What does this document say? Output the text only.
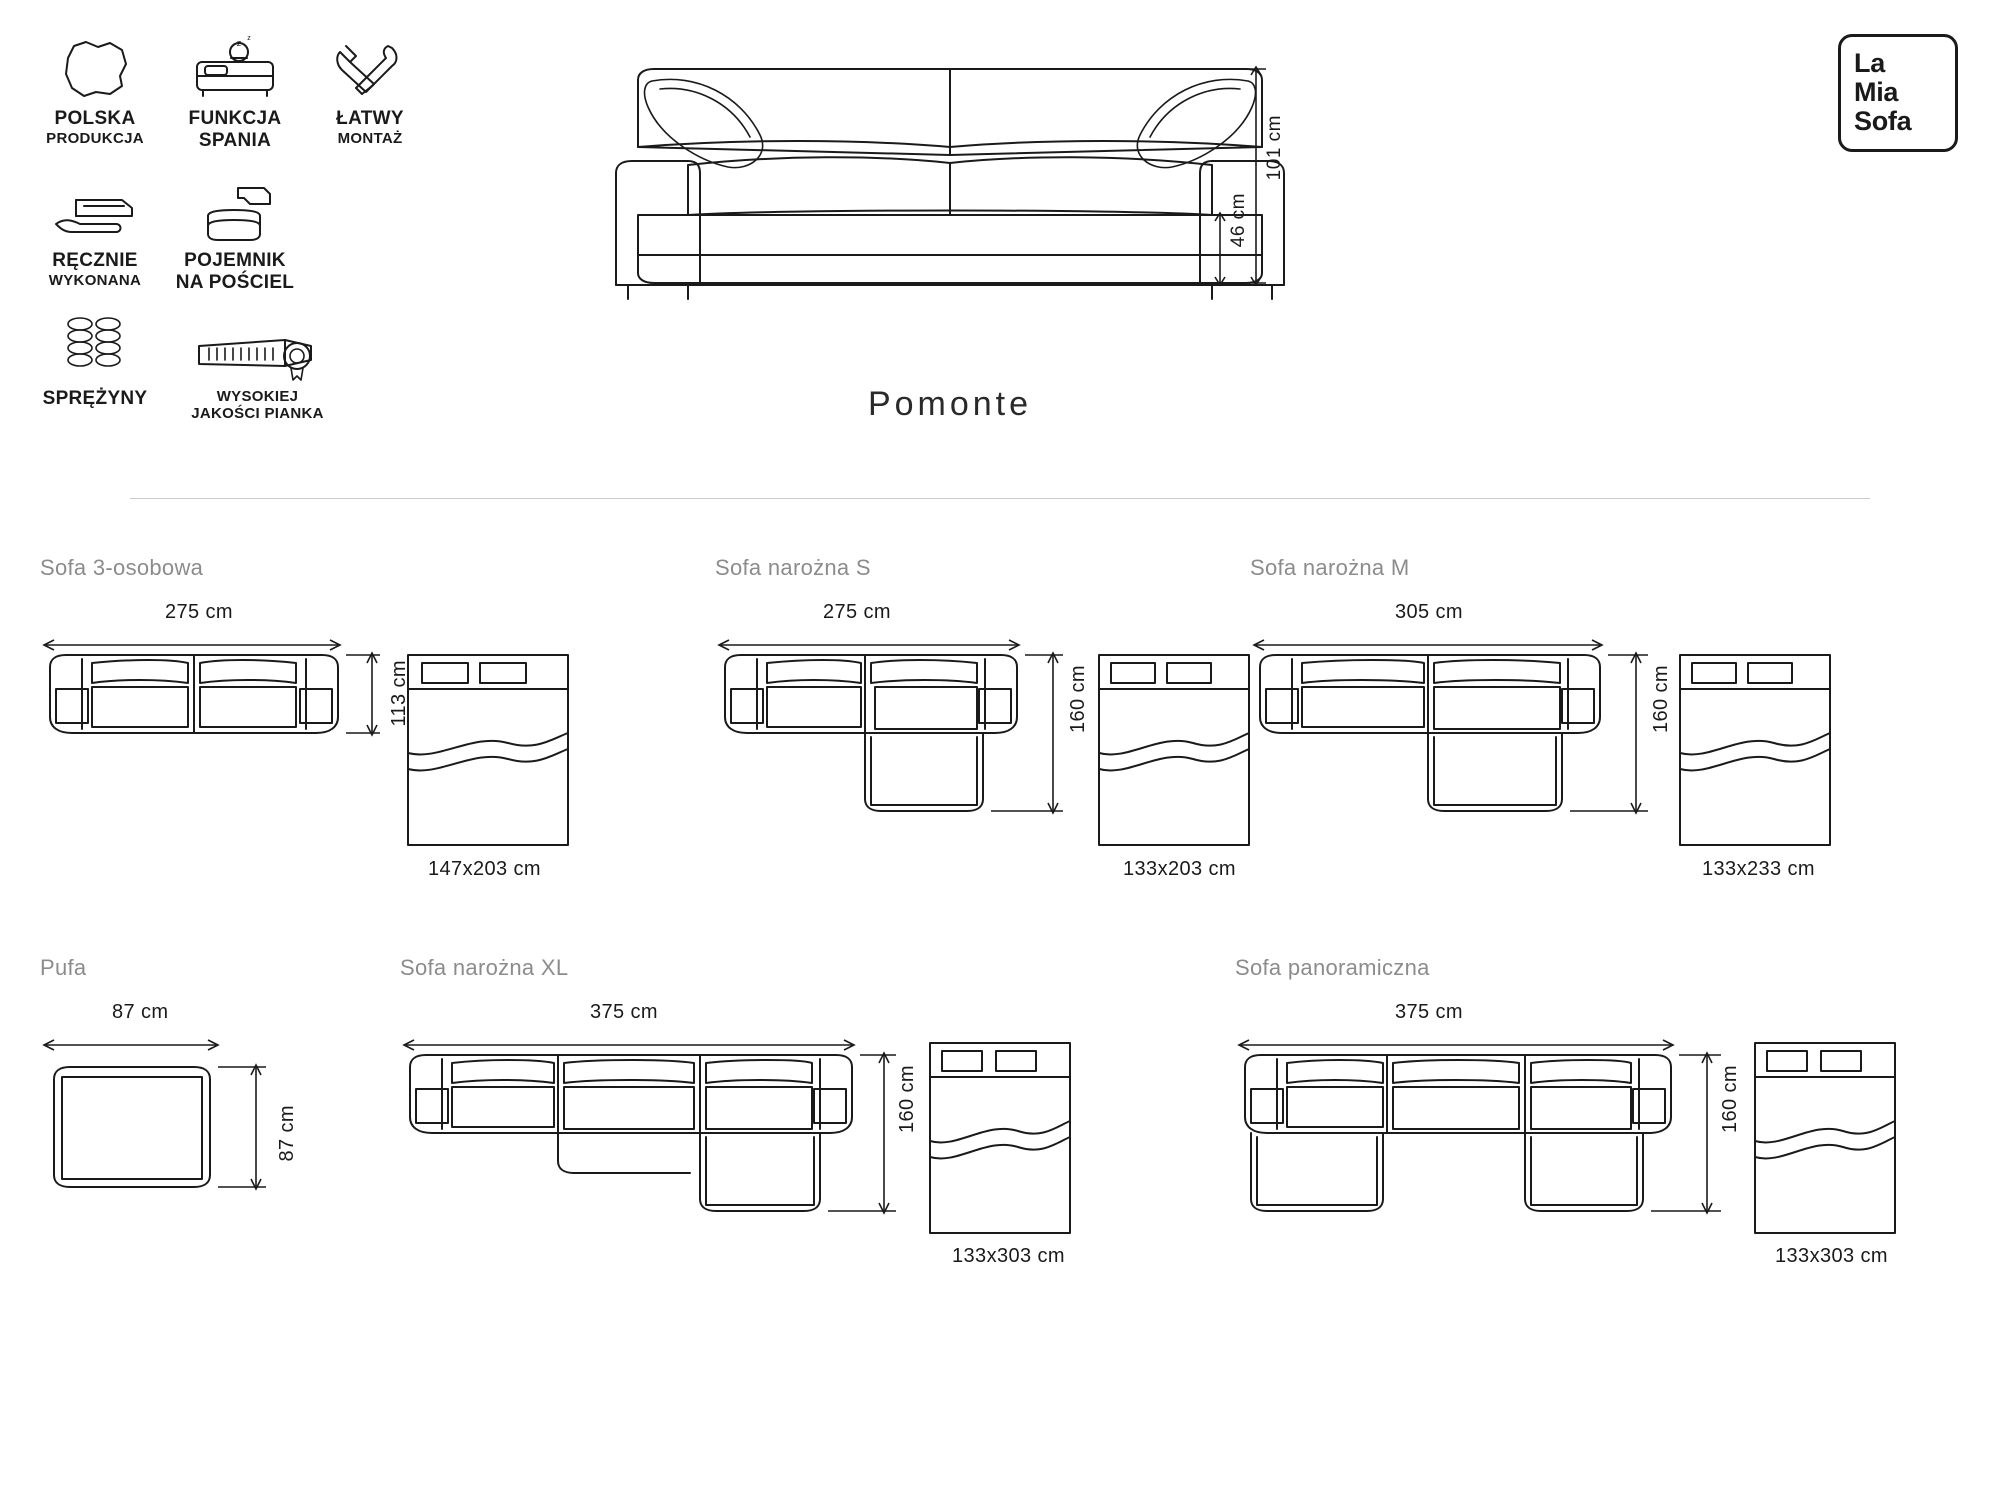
POLSKA
PRODUKCJA
z z
FUNKCJA
SPANIA
ŁATWY
MONTAŻ
RĘCZNIE
WYKONANA
POJEMNIK
NA POŚCIEL
SPRĘŻYNY	WYSOKIEJ
JAKOŚCI PIANKA
La
Mia
Sofa
101 cm
46 cm
Pomonte
Sofa 3-osobowa
275 cm
113 cm
147x203 cm
Sofa narożna S
275 cm
160 cm
133x203 cm
Sofa narożna M
305 cm
160 cm
133x233 cm
Pufa
87 cm
87 cm
Sofa narożna XL
375 cm
160 cm
133x303 cm
Sofa panoramiczna
375 cm
160 cm
133x303 cm
